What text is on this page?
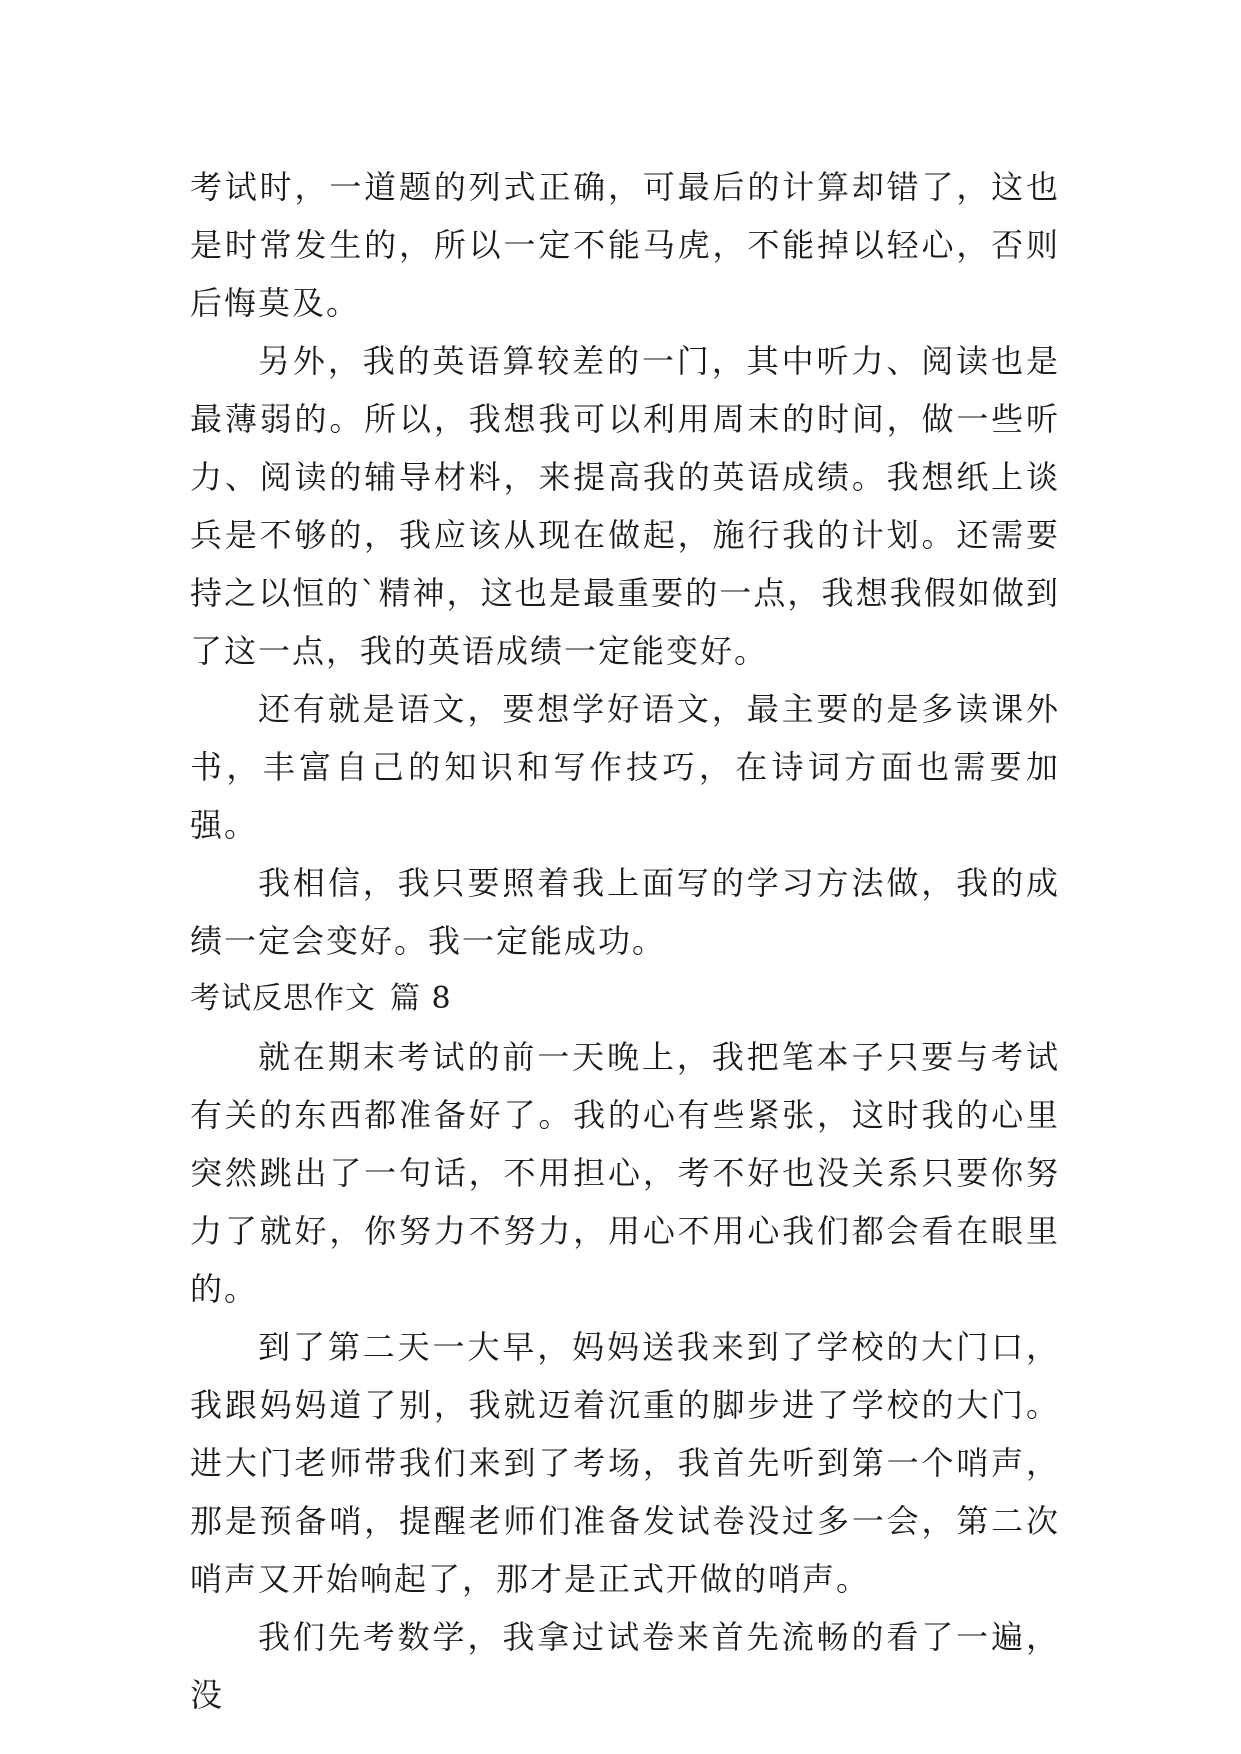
考试时，一道题的列式正确，可最后的计算却错了，这也是时常发生的，所以一定不能马虎，不能掉以轻心，否则后悔莫及。

另外，我的英语算较差的一门，其中听力、阅读也是最薄弱的。所以，我想我可以利用周末的时间，做一些听力、阅读的辅导材料，来提高我的英语成绩。我想纸上谈兵是不够的，我应该从现在做起，施行我的计划。还需要持之以恒的`精神，这也是最重要的一点，我想我假如做到了这一点，我的英语成绩一定能变好。

还有就是语文，要想学好语文，最主要的是多读课外书，丰富自己的知识和写作技巧，在诗词方面也需要加强。

我相信，我只要照着我上面写的学习方法做，我的成绩一定会变好。我一定能成功。

考试反思作文 篇 8

就在期末考试的前一天晚上，我把笔本子只要与考试有关的东西都准备好了。我的心有些紧张，这时我的心里突然跳出了一句话，不用担心，考不好也没关系只要你努力了就好，你努力不努力，用心不用心我们都会看在眼里的。

到了第二天一大早，妈妈送我来到了学校的大门口，我跟妈妈道了别，我就迈着沉重的脚步进了学校的大门。进大门老师带我们来到了考场，我首先听到第一个哨声，那是预备哨，提醒老师们准备发试卷没过多一会，第二次哨声又开始响起了，那才是正式开做的哨声。

我们先考数学，我拿过试卷来首先流畅的看了一遍，没
